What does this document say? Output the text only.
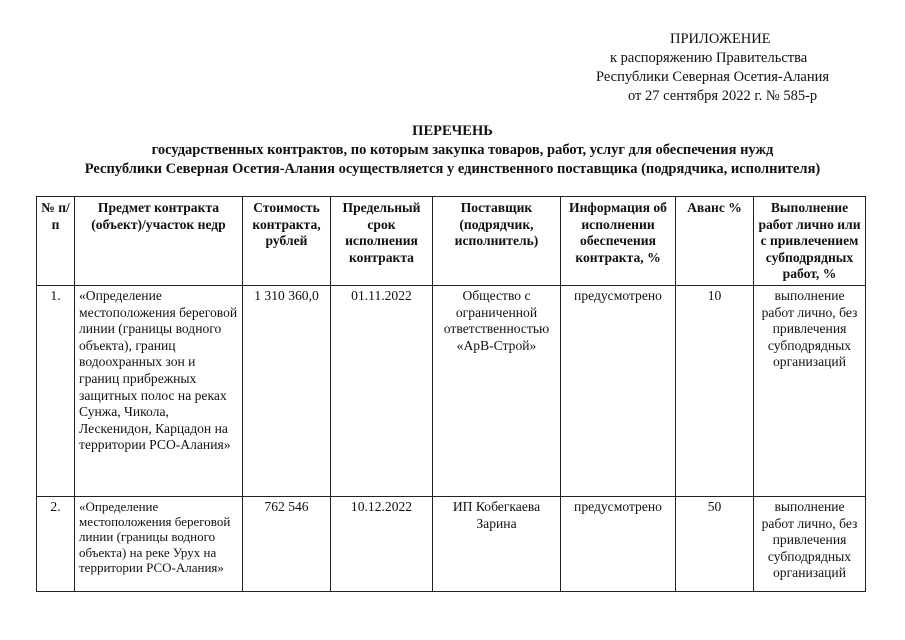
ПРИЛОЖЕНИЕ
к распоряжению Правительства
Республики Северная Осетия-Алания
от 27 сентября 2022 г. № 585-р
ПЕРЕЧЕНЬ
государственных контрактов, по которым закупка товаров, работ, услуг для обеспечения нужд
Республики Северная Осетия-Алания осуществляется у единственного поставщика (подрядчика, исполнителя)
№ п/п	Предмет контракта (объект)/участок недр	Стоимость контракта, рублей	Предельный срок исполнения контракта	Поставщик (подрядчик, исполнитель)	Информация об исполнении обеспечения контракта, %	Аванс %	Выполнение работ лично или с привлечением субподрядных работ, %
1.	«Определение местоположения береговой линии (границы водного объекта), границ водоохранных зон и границ прибрежных защитных полос на реках Сунжа, Чикола, Лескенидон, Карцадон на территории РСО-Алания»	1 310 360,0	01.11.2022	Общество с ограниченной ответственностью «АрВ-Строй»	предусмотрено	10	выполнение работ лично, без привлечения субподрядных организаций
2.	«Определение местоположения береговой линии (границы водного объекта) на реке Урух на территории РСО-Алания»	762 546	10.12.2022	ИП Кобегкаева Зарина	предусмотрено	50	выполнение работ лично, без привлечения субподрядных организаций
